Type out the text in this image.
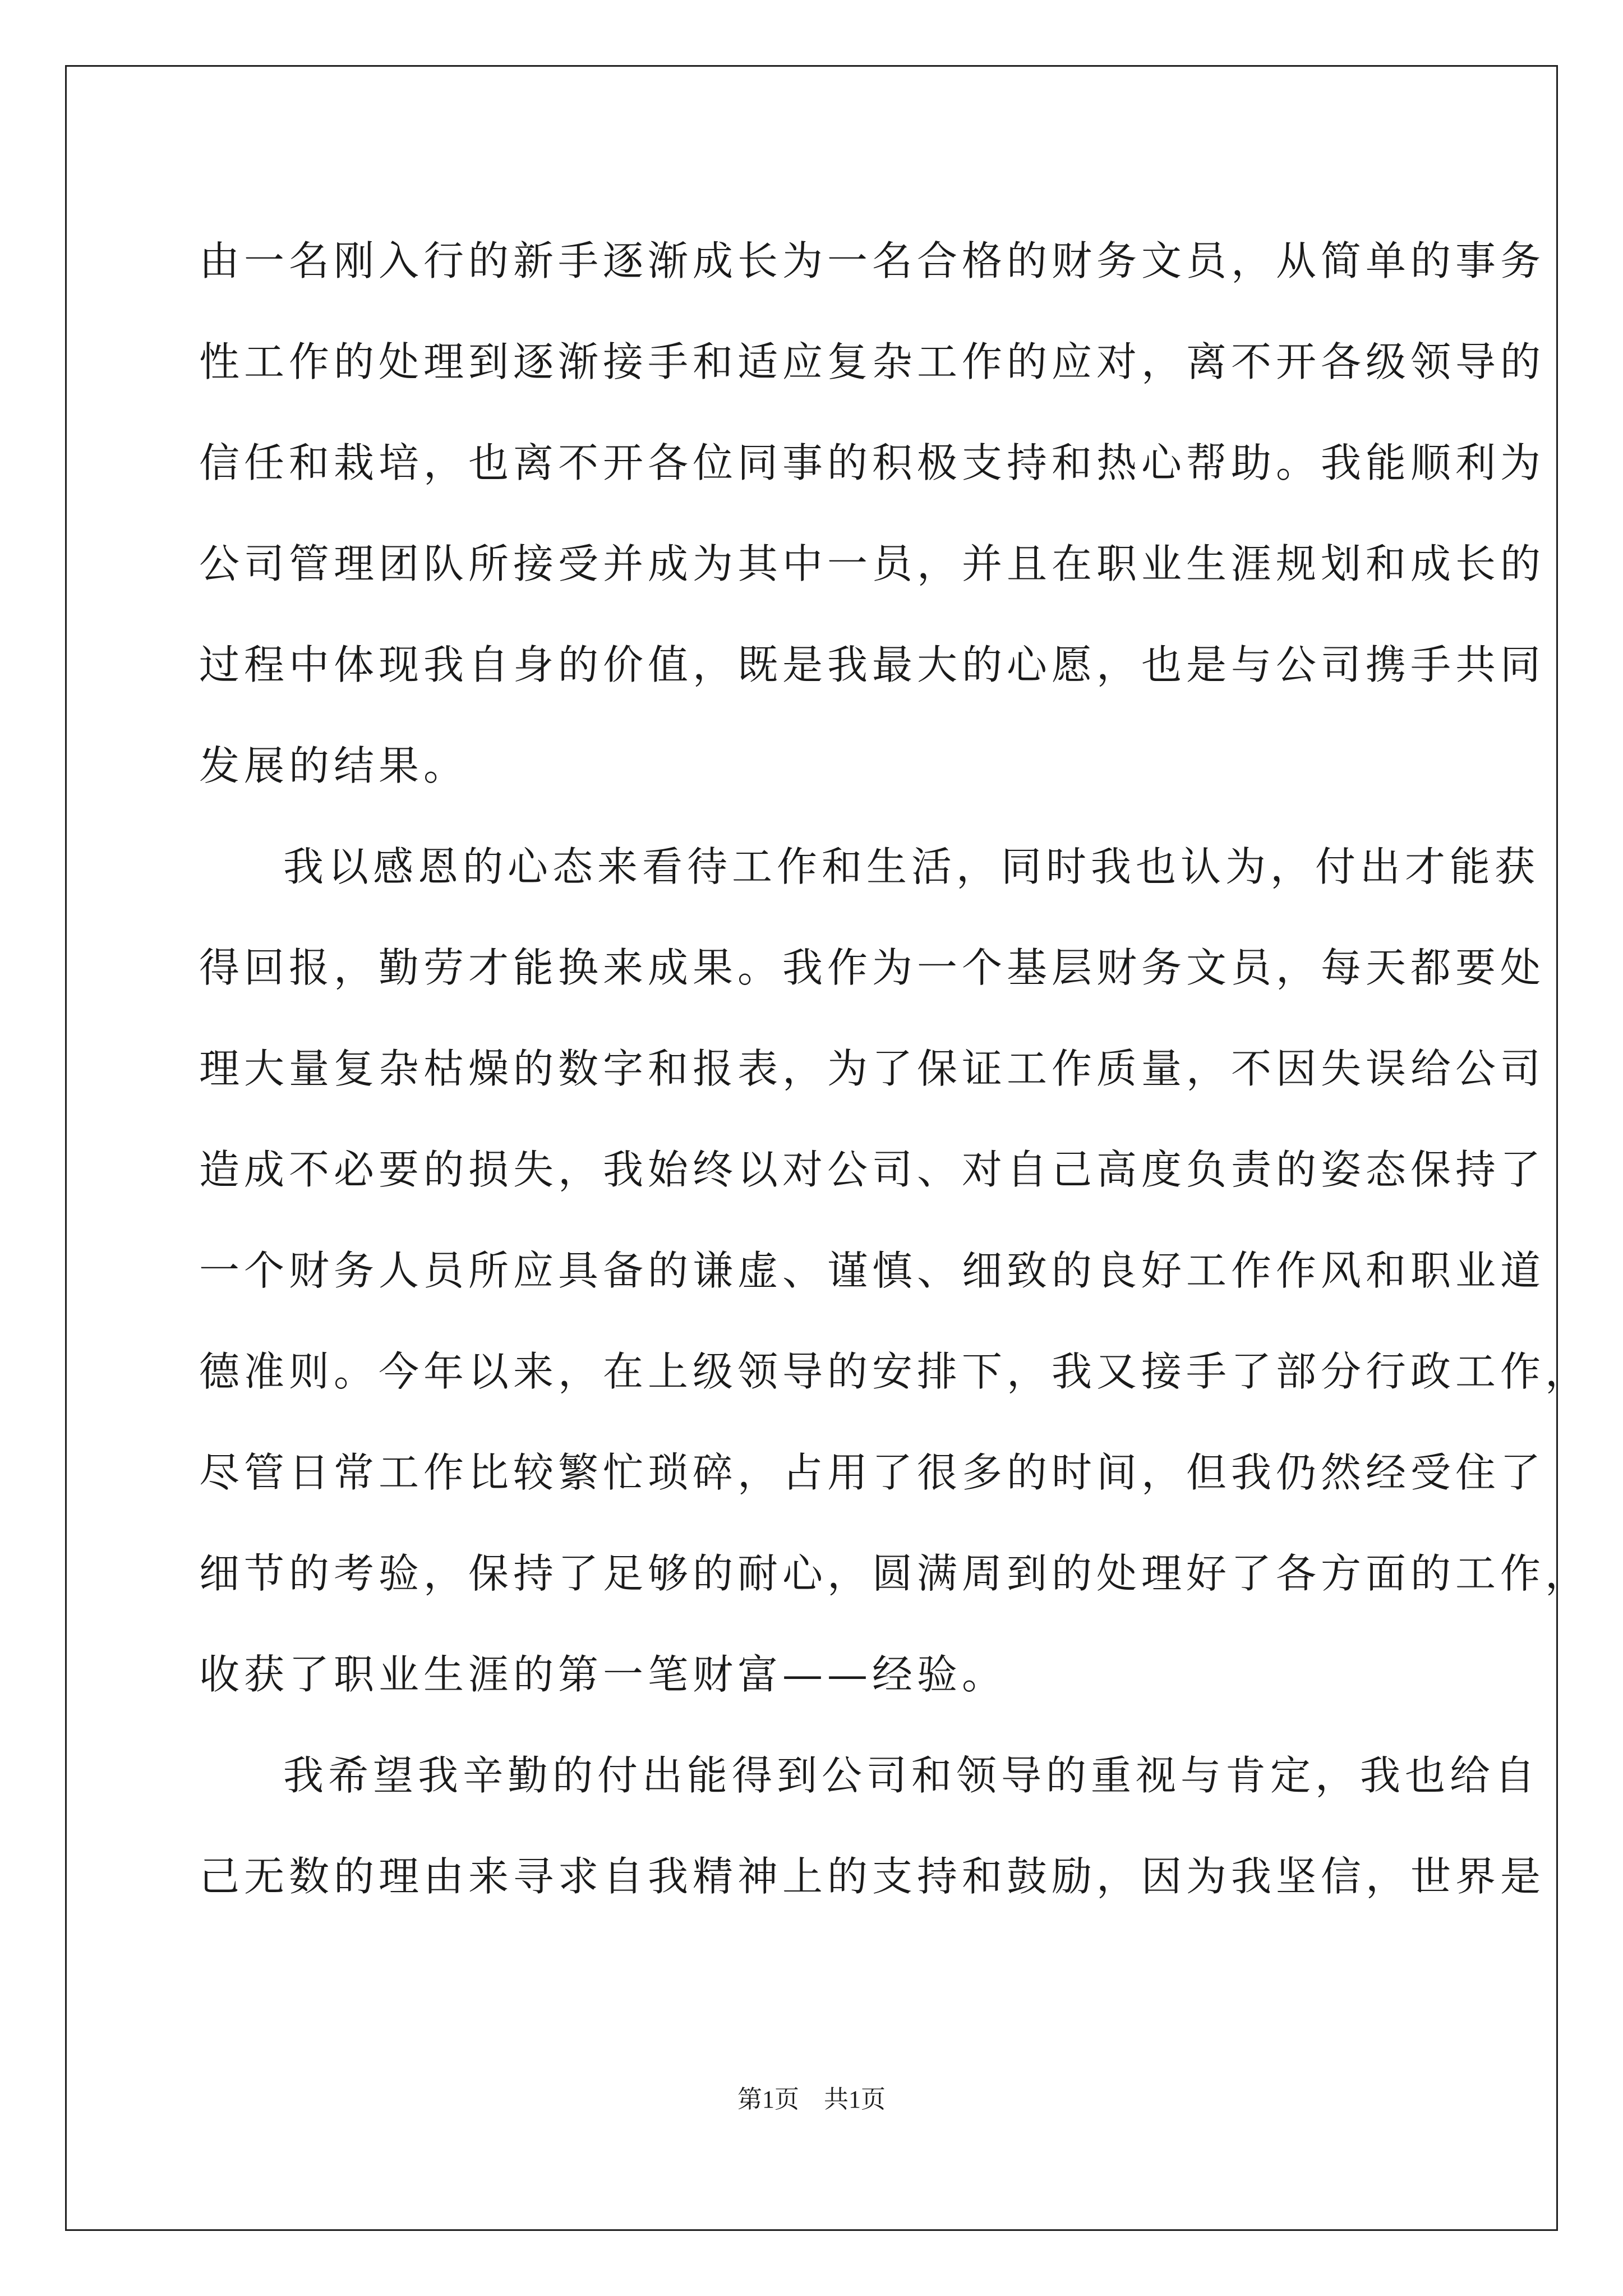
由一名刚入行的新手逐渐成长为一名合格的财务文员，从简单的事务
性工作的处理到逐渐接手和适应复杂工作的应对，离不开各级领导的
信任和栽培，也离不开各位同事的积极支持和热心帮助。我能顺利为
公司管理团队所接受并成为其中一员，并且在职业生涯规划和成长的
过程中体现我自身的价值，既是我最大的心愿，也是与公司携手共同
发展的结果。
我以感恩的心态来看待工作和生活，同时我也认为，付出才能获
得回报，勤劳才能换来成果。我作为一个基层财务文员，每天都要处
理大量复杂枯燥的数字和报表，为了保证工作质量，不因失误给公司
造成不必要的损失，我始终以对公司、对自己高度负责的姿态保持了
一个财务人员所应具备的谦虚、谨慎、细致的良好工作作风和职业道
德准则。今年以来，在上级领导的安排下，我又接手了部分行政工作，
尽管日常工作比较繁忙琐碎，占用了很多的时间，但我仍然经受住了
细节的考验，保持了足够的耐心，圆满周到的处理好了各方面的工作，
收获了职业生涯的第一笔财富——经验。
我希望我辛勤的付出能得到公司和领导的重视与肯定，我也给自
己无数的理由来寻求自我精神上的支持和鼓励，因为我坚信，世界是
第1页　共1页
